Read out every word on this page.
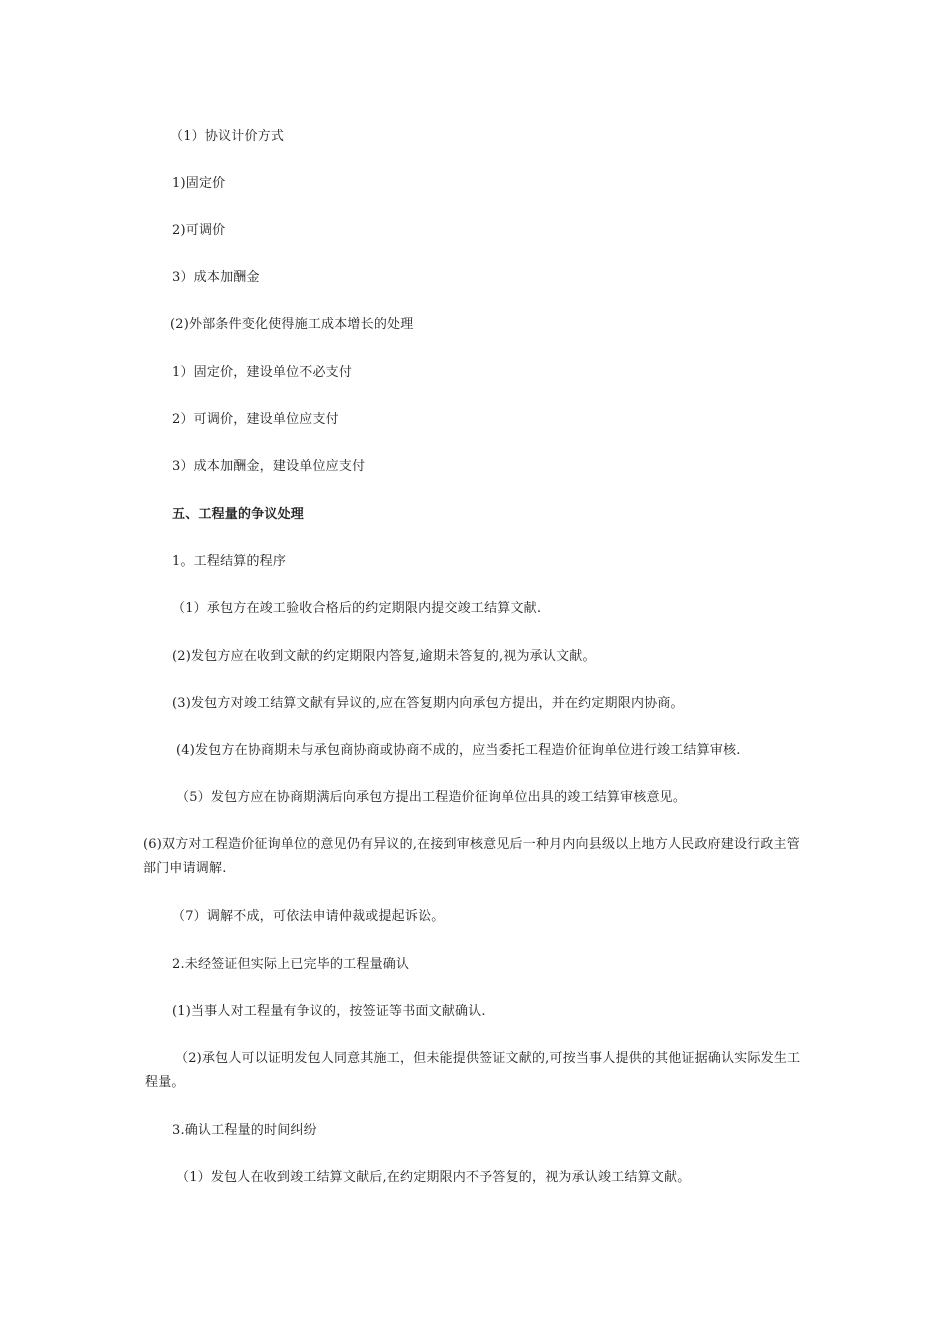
（1）协议计价方式
1)固定价
2)可调价
3）成本加酬金
(2)外部条件变化使得施工成本增长的处理
1）固定价，建设单位不必支付
2）可调价，建设单位应支付
3）成本加酬金，建设单位应支付
五、工程量的争议处理
1。工程结算的程序
（1）承包方在竣工验收合格后的约定期限内提交竣工结算文献.
(2)发包方应在收到文献的约定期限内答复,逾期未答复的,视为承认文献。
(3)发包方对竣工结算文献有异议的,应在答复期内向承包方提出，并在约定期限内协商。
(4)发包方在协商期未与承包商协商或协商不成的，应当委托工程造价征询单位进行竣工结算审核.
（5）发包方应在协商期满后向承包方提出工程造价征询单位出具的竣工结算审核意见。
(6)双方对工程造价征询单位的意见仍有异议的,在接到审核意见后一种月内向县级以上地方人民政府建设行政主管部门申请调解.
（7）调解不成，可依法申请仲裁或提起诉讼。
2.未经签证但实际上已完毕的工程量确认
(1)当事人对工程量有争议的，按签证等书面文献确认.
（2)承包人可以证明发包人同意其施工，但未能提供签证文献的,可按当事人提供的其他证据确认实际发生工程量。
3.确认工程量的时间纠纷
（1）发包人在收到竣工结算文献后,在约定期限内不予答复的，视为承认竣工结算文献。
